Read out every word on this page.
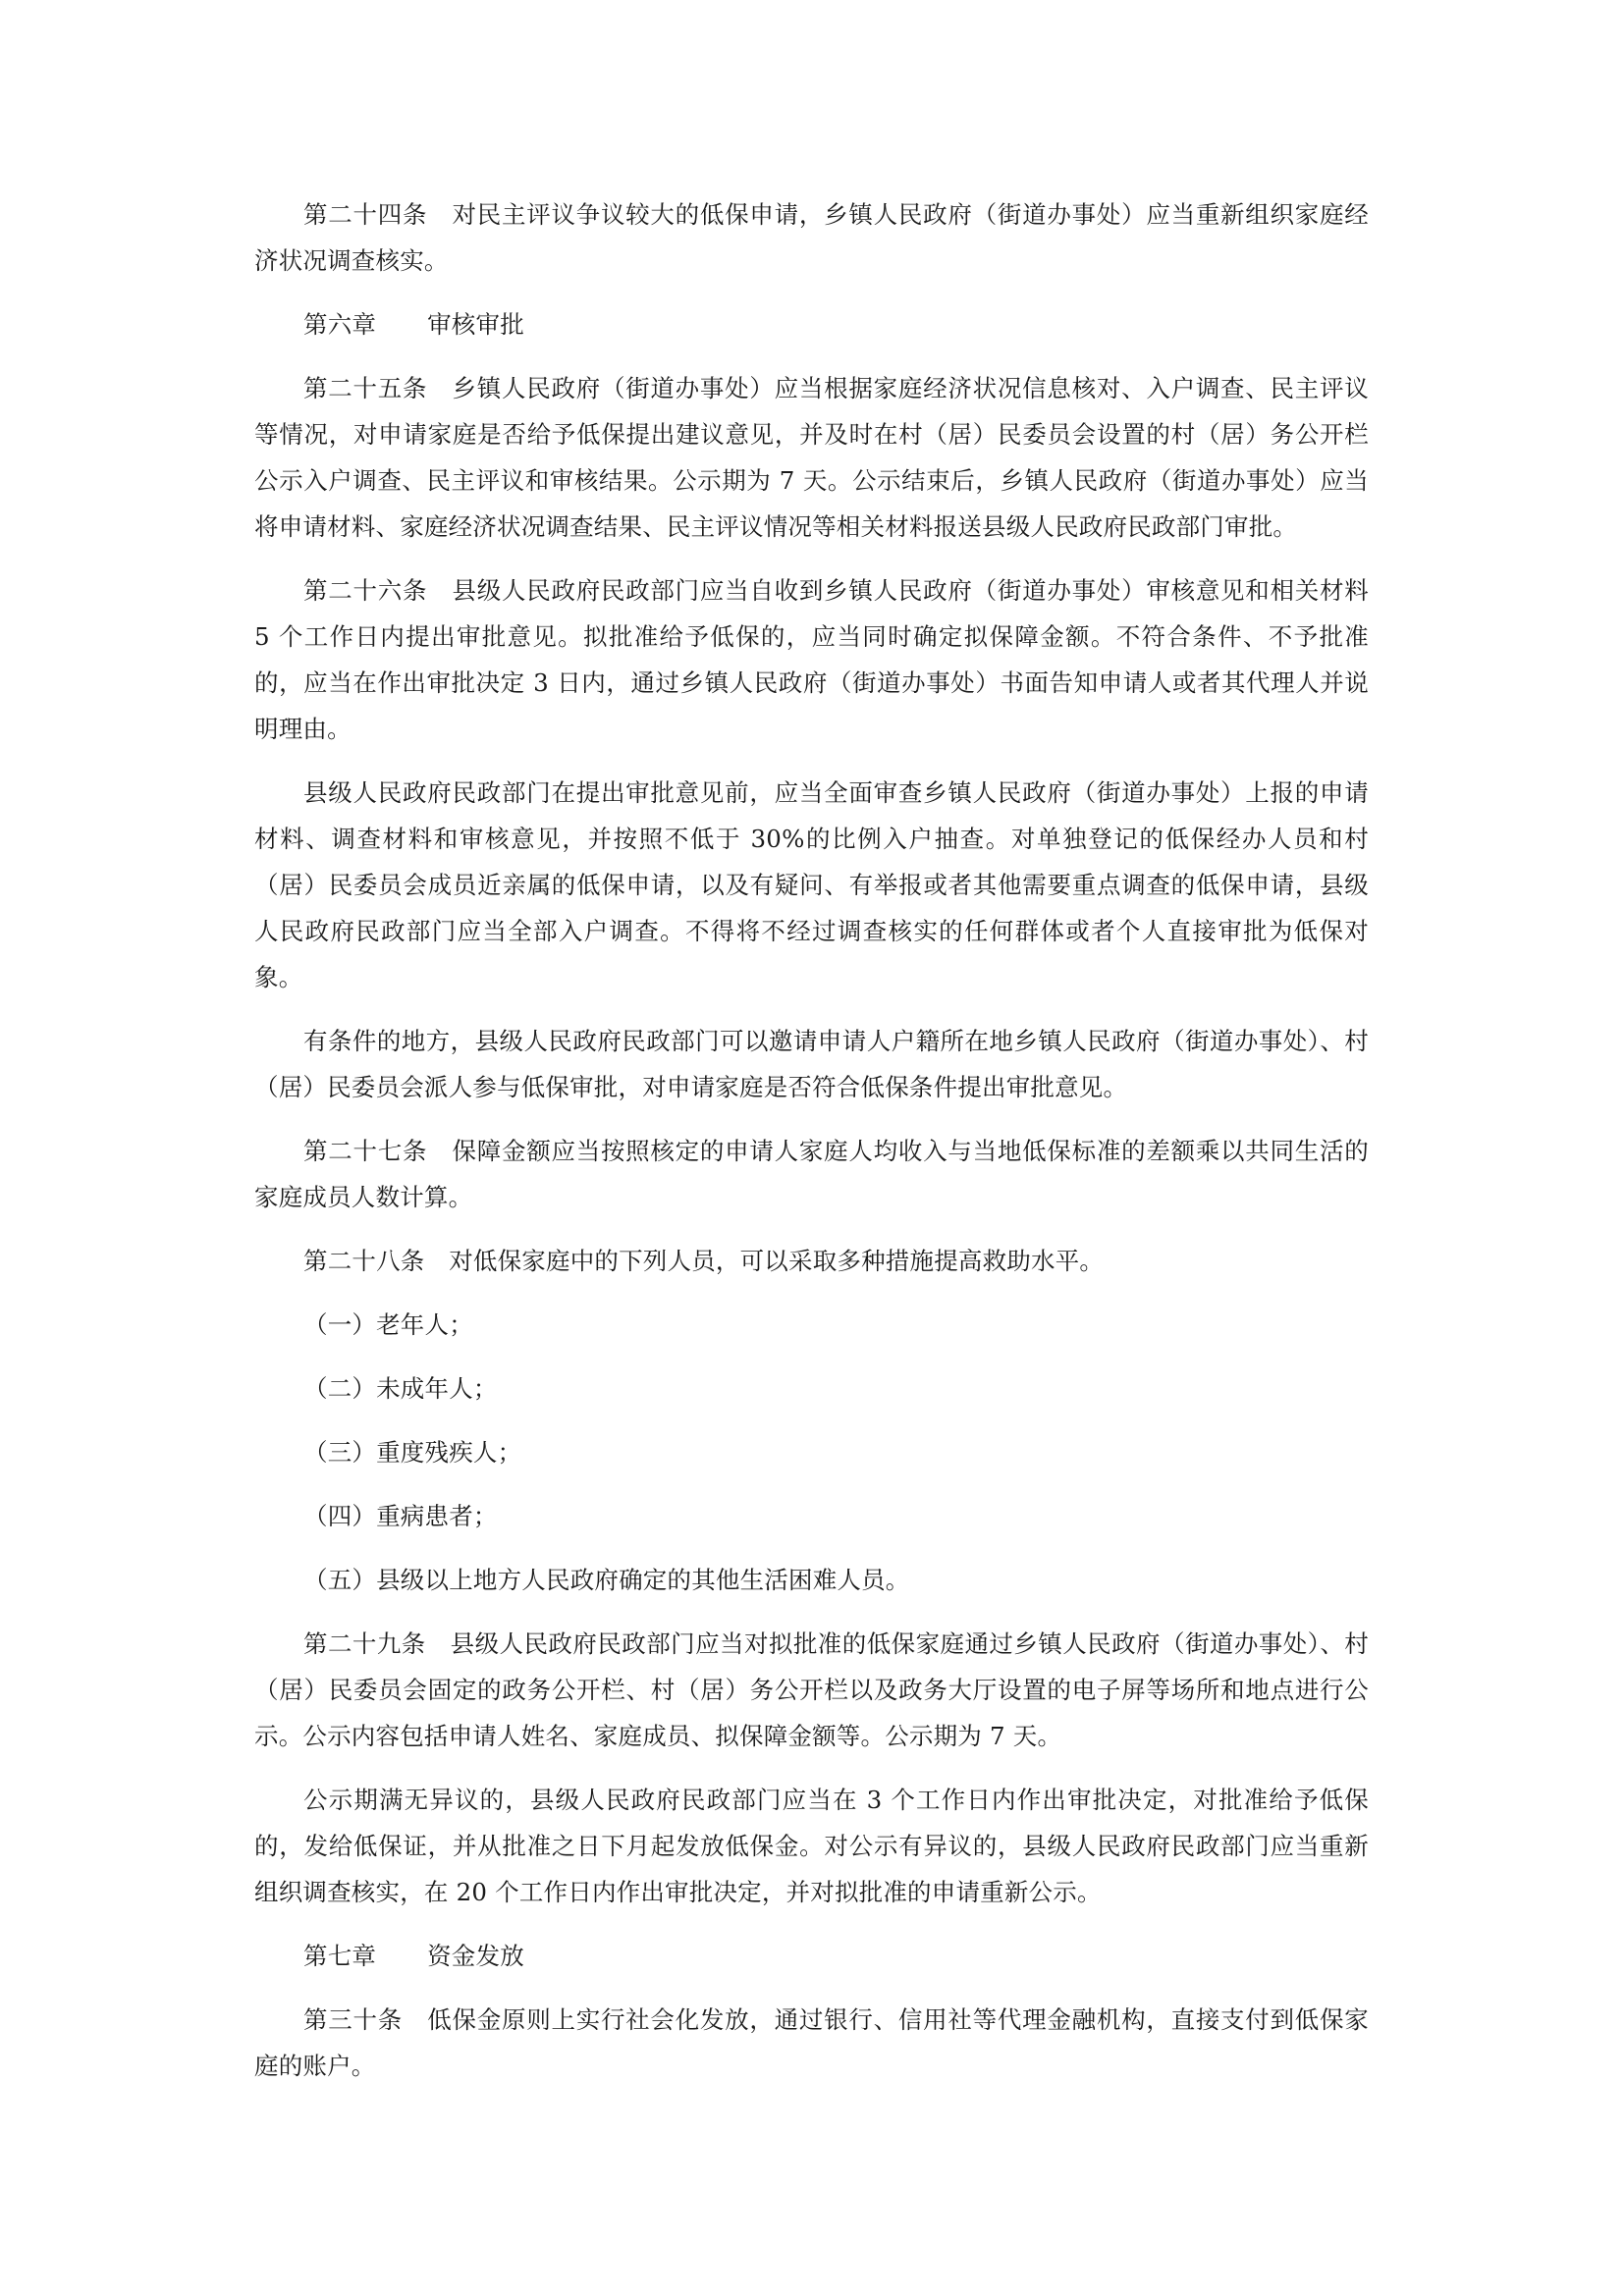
第二十四条　对民主评议争议较大的低保申请，乡镇人民政府（街道办事处）应当重新组织家庭经济状况调查核实。

第六章 审核审批

第二十五条　乡镇人民政府（街道办事处）应当根据家庭经济状况信息核对、入户调查、民主评议等情况，对申请家庭是否给予低保提出建议意见，并及时在村（居）民委员会设置的村（居）务公开栏公示入户调查、民主评议和审核结果。公示期为 7 天。公示结束后，乡镇人民政府（街道办事处）应当将申请材料、家庭经济状况调查结果、民主评议情况等相关材料报送县级人民政府民政部门审批。

第二十六条　县级人民政府民政部门应当自收到乡镇人民政府（街道办事处）审核意见和相关材料 5 个工作日内提出审批意见。拟批准给予低保的，应当同时确定拟保障金额。不符合条件、不予批准的，应当在作出审批决定 3 日内，通过乡镇人民政府（街道办事处）书面告知申请人或者其代理人并说明理由。

县级人民政府民政部门在提出审批意见前，应当全面审查乡镇人民政府（街道办事处）上报的申请材料、调查材料和审核意见，并按照不低于 30%的比例入户抽查。对单独登记的低保经办人员和村（居）民委员会成员近亲属的低保申请，以及有疑问、有举报或者其他需要重点调查的低保申请，县级人民政府民政部门应当全部入户调查。不得将不经过调查核实的任何群体或者个人直接审批为低保对象。

有条件的地方，县级人民政府民政部门可以邀请申请人户籍所在地乡镇人民政府（街道办事处）、村（居）民委员会派人参与低保审批，对申请家庭是否符合低保条件提出审批意见。

第二十七条　保障金额应当按照核定的申请人家庭人均收入与当地低保标准的差额乘以共同生活的家庭成员人数计算。

第二十八条　对低保家庭中的下列人员，可以采取多种措施提高救助水平。

（一）老年人；

（二）未成年人；

（三）重度残疾人；

（四）重病患者；

（五）县级以上地方人民政府确定的其他生活困难人员。

第二十九条　县级人民政府民政部门应当对拟批准的低保家庭通过乡镇人民政府（街道办事处）、村（居）民委员会固定的政务公开栏、村（居）务公开栏以及政务大厅设置的电子屏等场所和地点进行公示。公示内容包括申请人姓名、家庭成员、拟保障金额等。公示期为 7 天。

公示期满无异议的，县级人民政府民政部门应当在 3 个工作日内作出审批决定，对批准给予低保的，发给低保证，并从批准之日下月起发放低保金。对公示有异议的，县级人民政府民政部门应当重新组织调查核实，在 20 个工作日内作出审批决定，并对拟批准的申请重新公示。

第七章 资金发放

第三十条　低保金原则上实行社会化发放，通过银行、信用社等代理金融机构，直接支付到低保家庭的账户。
